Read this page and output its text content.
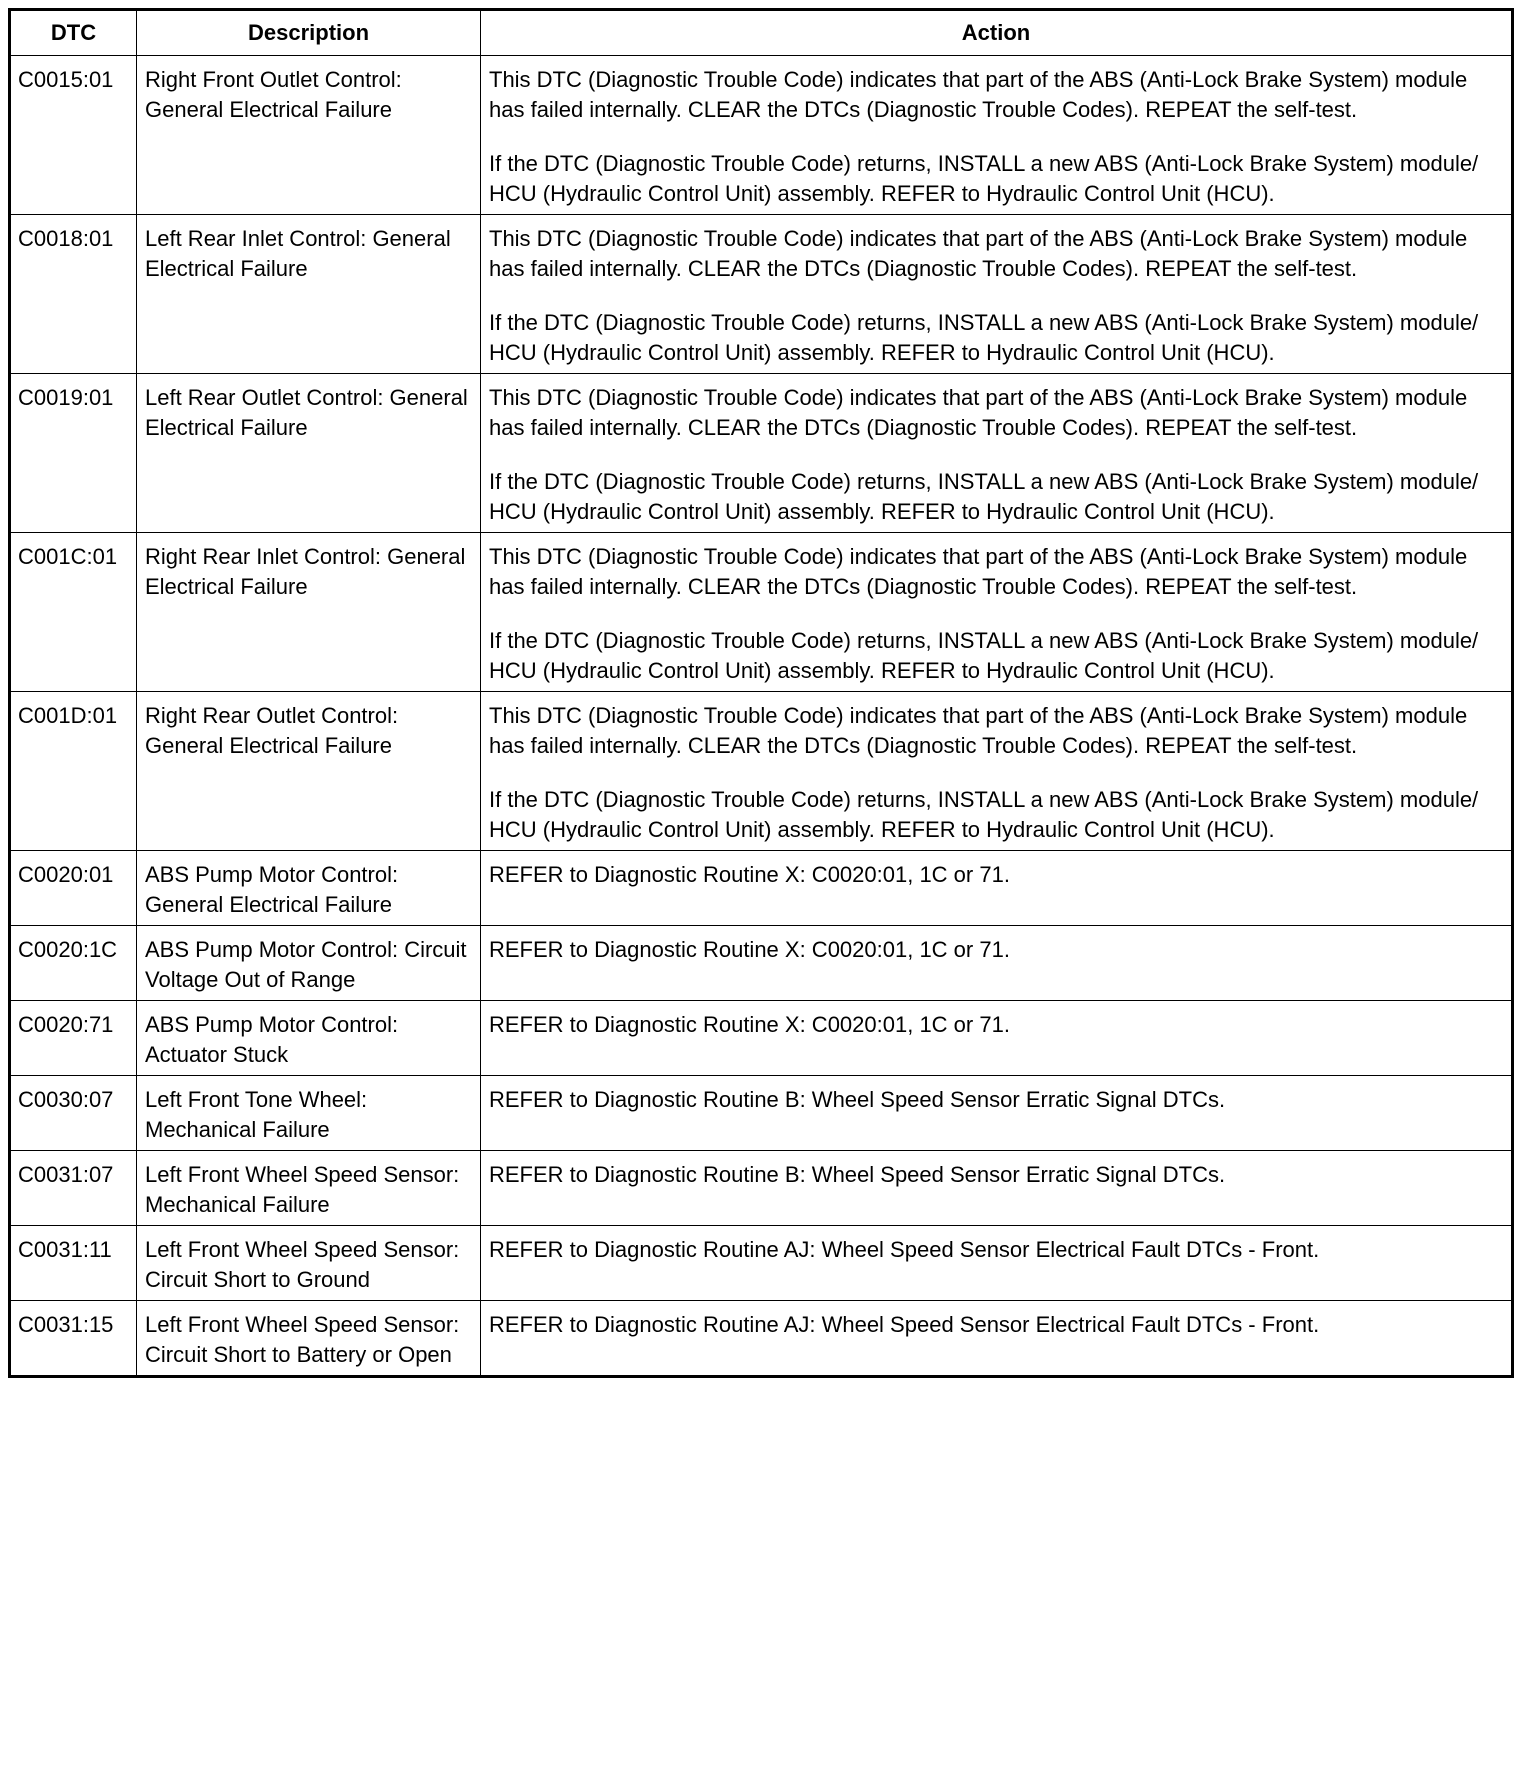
DTC	Description	Action
C0015:01	Right Front Outlet Control: General Electrical Failure	This DTC (Diagnostic Trouble Code) indicates that part of the ABS (Anti-Lock Brake System) module has failed internally. CLEAR the DTCs (Diagnostic Trouble Codes). REPEAT the self-test.

If the DTC (Diagnostic Trouble Code) returns, INSTALL a new ABS (Anti-Lock Brake System) module/ HCU (Hydraulic Control Unit) assembly. REFER to Hydraulic Control Unit (HCU).

C0018:01	Left Rear Inlet Control: General Electrical Failure	This DTC (Diagnostic Trouble Code) indicates that part of the ABS (Anti-Lock Brake System) module has failed internally. CLEAR the DTCs (Diagnostic Trouble Codes). REPEAT the self-test.

If the DTC (Diagnostic Trouble Code) returns, INSTALL a new ABS (Anti-Lock Brake System) module/ HCU (Hydraulic Control Unit) assembly. REFER to Hydraulic Control Unit (HCU).

C0019:01	Left Rear Outlet Control: General Electrical Failure	This DTC (Diagnostic Trouble Code) indicates that part of the ABS (Anti-Lock Brake System) module has failed internally. CLEAR the DTCs (Diagnostic Trouble Codes). REPEAT the self-test.

If the DTC (Diagnostic Trouble Code) returns, INSTALL a new ABS (Anti-Lock Brake System) module/ HCU (Hydraulic Control Unit) assembly. REFER to Hydraulic Control Unit (HCU).

C001C:01	Right Rear Inlet Control: General Electrical Failure	This DTC (Diagnostic Trouble Code) indicates that part of the ABS (Anti-Lock Brake System) module has failed internally. CLEAR the DTCs (Diagnostic Trouble Codes). REPEAT the self-test.

If the DTC (Diagnostic Trouble Code) returns, INSTALL a new ABS (Anti-Lock Brake System) module/ HCU (Hydraulic Control Unit) assembly. REFER to Hydraulic Control Unit (HCU).

C001D:01	Right Rear Outlet Control: General Electrical Failure	This DTC (Diagnostic Trouble Code) indicates that part of the ABS (Anti-Lock Brake System) module has failed internally. CLEAR the DTCs (Diagnostic Trouble Codes). REPEAT the self-test.

If the DTC (Diagnostic Trouble Code) returns, INSTALL a new ABS (Anti-Lock Brake System) module/ HCU (Hydraulic Control Unit) assembly. REFER to Hydraulic Control Unit (HCU).

C0020:01	ABS Pump Motor Control: General Electrical Failure	REFER to Diagnostic Routine X: C0020:01, 1C or 71.

C0020:1C	ABS Pump Motor Control: Circuit Voltage Out of Range	REFER to Diagnostic Routine X: C0020:01, 1C or 71.

C0020:71	ABS Pump Motor Control: Actuator Stuck	REFER to Diagnostic Routine X: C0020:01, 1C or 71.

C0030:07	Left Front Tone Wheel: Mechanical Failure	REFER to Diagnostic Routine B: Wheel Speed Sensor Erratic Signal DTCs.

C0031:07	Left Front Wheel Speed Sensor: Mechanical Failure	REFER to Diagnostic Routine B: Wheel Speed Sensor Erratic Signal DTCs.

C0031:11	Left Front Wheel Speed Sensor: Circuit Short to Ground	REFER to Diagnostic Routine AJ: Wheel Speed Sensor Electrical Fault DTCs - Front.

C0031:15	Left Front Wheel Speed Sensor: Circuit Short to Battery or Open	REFER to Diagnostic Routine AJ: Wheel Speed Sensor Electrical Fault DTCs - Front.
